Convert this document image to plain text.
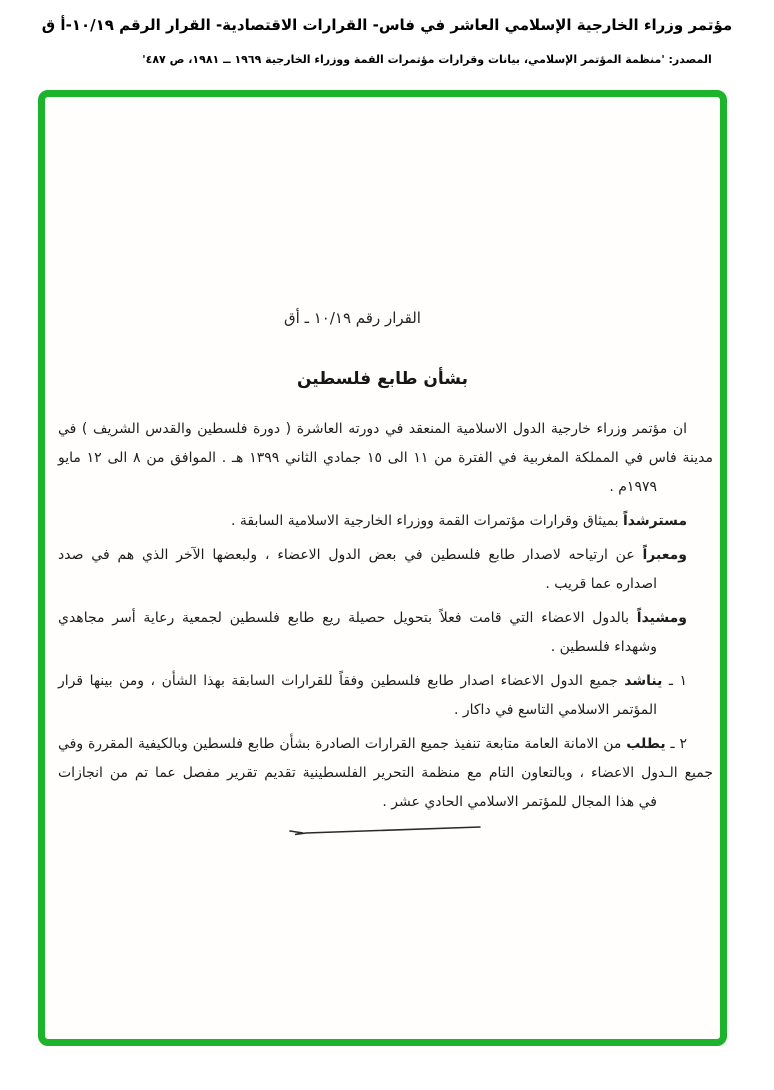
مؤتمر وزراء الخارجية الإسلامي العاشر في فاس- القرارات الاقتصادية- القرار الرقم ١٠/١٩-أ ق
المصدر: 'منظمة المؤتمر الإسلامي، بيانات وقرارات مؤتمرات القمة ووزراء الخارجية ١٩٦٩ ــ ١٩٨١، ص ٤٨٧'
القرار رقم ١٠/١٩ ـ أق
بشأن طابع فلسطين
ان مؤتمر وزراء خارجية الدول الاسلامية المنعقد في دورته العاشرة ( دورة فلسطين والقدس الشريف ) في
مدينة فاس في المملكة المغربية في الفترة من ١١ الى ١٥ جمادي الثاني ١٣٩٩ هـ . الموافق من ٨ الى ١٢ مايو
١٩٧٩م .
مسترشداً بميثاق وقرارات مؤتمرات القمة ووزراء الخارجية الاسلامية السابقة .
ومعبراً عن ارتياحه لاصدار طابع فلسطين في بعض الدول الاعضاء ، ولبعضها الآخر الذي هم في صدد
اصداره عما قريب .
ومشيداً بالدول الاعضاء التي قامت فعلاً بتحويل حصيلة ريع طابع فلسطين لجمعية رعاية أسر مجاهدي
وشهداء فلسطين .
١ ـ يناشد جميع الدول الاعضاء اصدار طابع فلسطين وفقاً للقرارات السابقة بهذا الشأن ، ومن بينها قرار
المؤتمر الاسلامي التاسع في داكار .
٢ ـ يطلب من الامانة العامة متابعة تنفيذ جميع القرارات الصادرة بشأن طابع فلسطين وبالكيفية المقررة وفي
جميع الـدول الاعضاء ، وبالتعاون التام مع منظمة التحرير الفلسطينية تقديم تقرير مفصل عما تم من انجازات
في هذا المجال للمؤتمر الاسلامي الحادي عشر .
